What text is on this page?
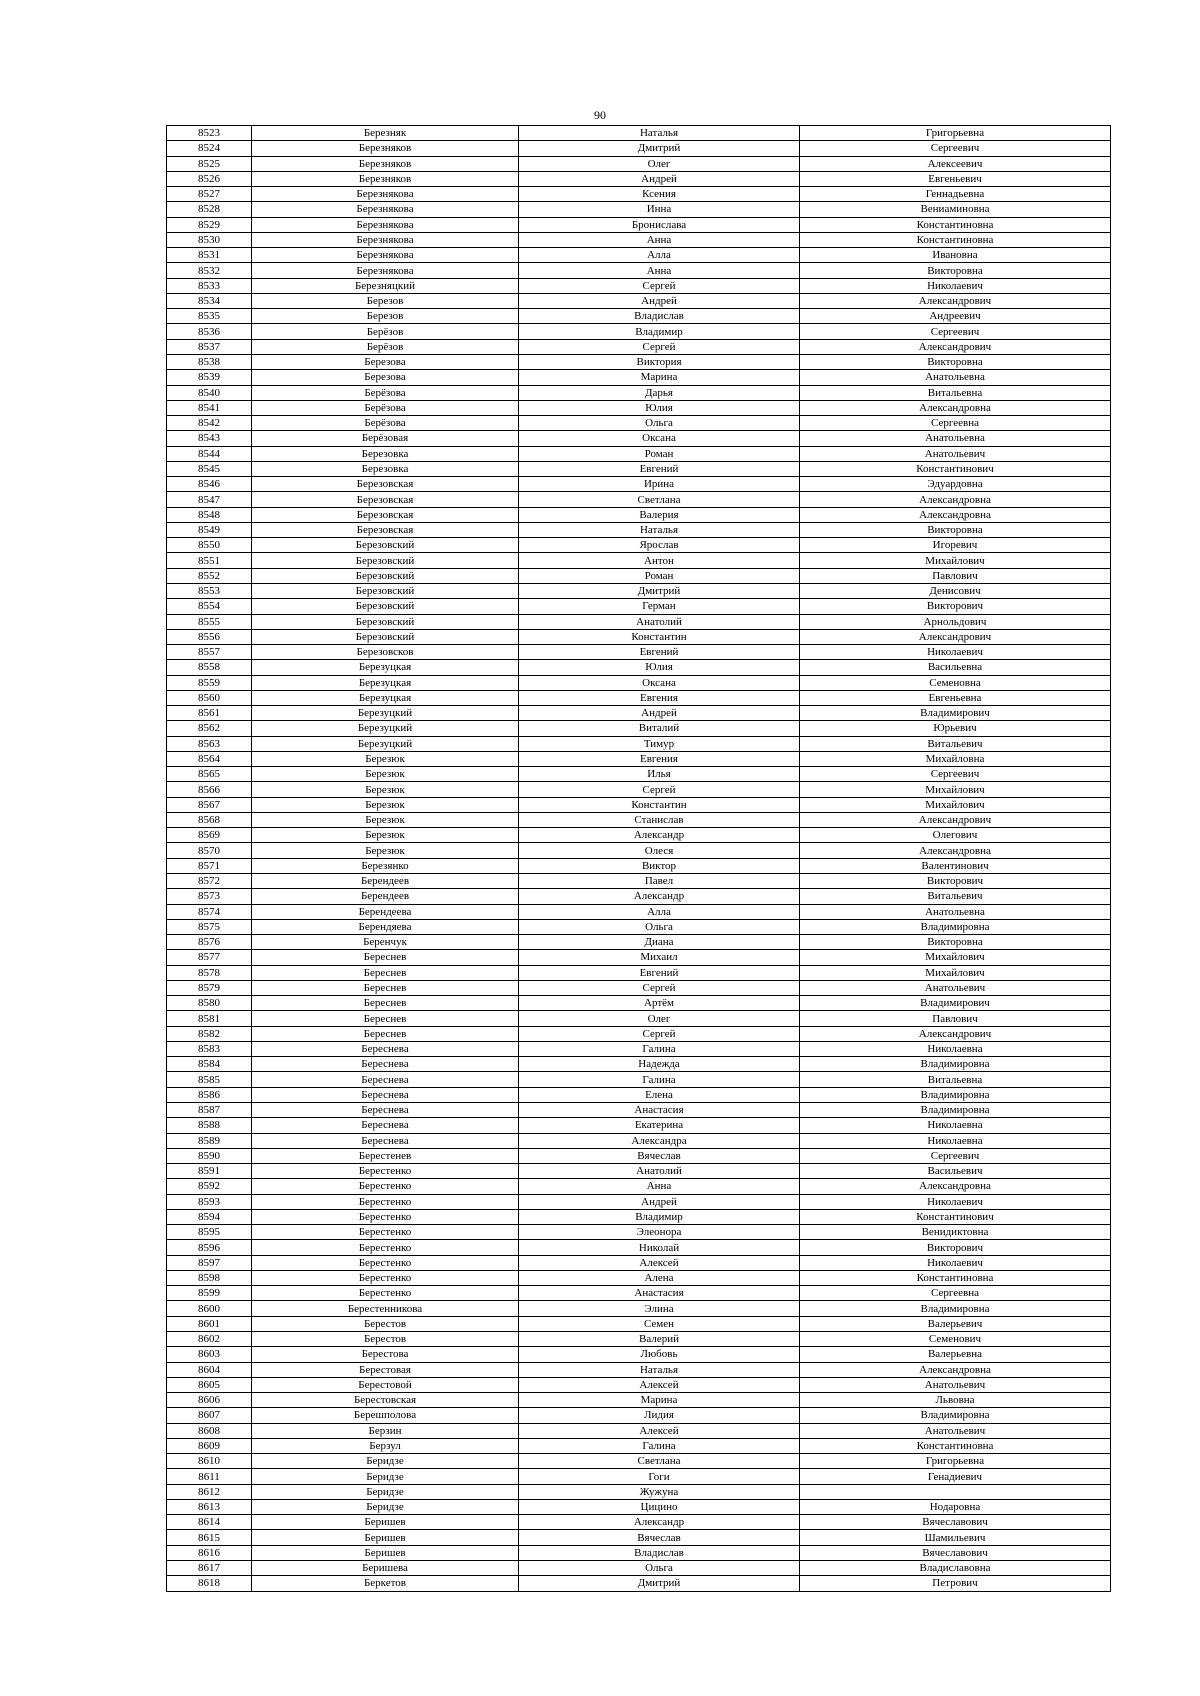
90
8523	Березняк	Наталья	Григорьевна
8524	Березняков	Дмитрий	Сергеевич
8525	Березняков	Олег	Алексеевич
8526	Березняков	Андрей	Евгеньевич
8527	Березнякова	Ксения	Геннадьевна
8528	Березнякова	Инна	Вениаминовна
8529	Березнякова	Бронислава	Константиновна
8530	Березнякова	Анна	Константиновна
8531	Березнякова	Алла	Ивановна
8532	Березнякова	Анна	Викторовна
8533	Березняцкий	Сергей	Николаевич
8534	Березов	Андрей	Александрович
8535	Березов	Владислав	Андреевич
8536	Берёзов	Владимир	Сергеевич
8537	Берёзов	Сергей	Александрович
8538	Березова	Виктория	Викторовна
8539	Березова	Марина	Анатольевна
8540	Берёзова	Дарья	Витальевна
8541	Берёзова	Юлия	Александровна
8542	Берёзова	Ольга	Сергеевна
8543	Берёзовая	Оксана	Анатольевна
8544	Березовка	Роман	Анатольевич
8545	Березовка	Евгений	Константинович
8546	Березовская	Ирина	Эдуардовна
8547	Березовская	Светлана	Александровна
8548	Березовская	Валерия	Александровна
8549	Березовская	Наталья	Викторовна
8550	Березовский	Ярослав	Игоревич
8551	Березовский	Антон	Михайлович
8552	Березовский	Роман	Павлович
8553	Березовский	Дмитрий	Денисович
8554	Березовский	Герман	Викторович
8555	Березовский	Анатолий	Арнольдович
8556	Березовский	Константин	Александрович
8557	Березовсков	Евгений	Николаевич
8558	Березуцкая	Юлия	Васильевна
8559	Березуцкая	Оксана	Семеновна
8560	Березуцкая	Евгения	Евгеньевна
8561	Березуцкий	Андрей	Владимирович
8562	Березуцкий	Виталий	Юрьевич
8563	Березуцкий	Тимур	Витальевич
8564	Березюк	Евгения	Михайловна
8565	Березюк	Илья	Сергеевич
8566	Березюк	Сергей	Михайлович
8567	Березюк	Константин	Михайлович
8568	Березюк	Станислав	Александрович
8569	Березюк	Александр	Олегович
8570	Березюк	Олеся	Александровна
8571	Березянко	Виктор	Валентинович
8572	Берендеев	Павел	Викторович
8573	Берендеев	Александр	Витальевич
8574	Берендеева	Алла	Анатольевна
8575	Берендяева	Ольга	Владимировна
8576	Беренчук	Диана	Викторовна
8577	Береснев	Михаил	Михайлович
8578	Береснев	Евгений	Михайлович
8579	Береснев	Сергей	Анатольевич
8580	Береснев	Артём	Владимирович
8581	Береснев	Олег	Павлович
8582	Береснев	Сергей	Александрович
8583	Береснева	Галина	Николаевна
8584	Береснева	Надежда	Владимировна
8585	Береснева	Галина	Витальевна
8586	Береснева	Елена	Владимировна
8587	Береснева	Анастасия	Владимировна
8588	Береснева	Екатерина	Николаевна
8589	Береснева	Александра	Николаевна
8590	Берестенев	Вячеслав	Сергеевич
8591	Берестенко	Анатолий	Васильевич
8592	Берестенко	Анна	Александровна
8593	Берестенко	Андрей	Николаевич
8594	Берестенко	Владимир	Константинович
8595	Берестенко	Элеонора	Венидиктовна
8596	Берестенко	Николай	Викторович
8597	Берестенко	Алексей	Николаевич
8598	Берестенко	Алена	Константиновна
8599	Берестенко	Анастасия	Сергеевна
8600	Берестенникова	Элина	Владимировна
8601	Берестов	Семен	Валерьевич
8602	Берестов	Валерий	Семенович
8603	Берестова	Любовь	Валерьевна
8604	Берестовая	Наталья	Александровна
8605	Берестовой	Алексей	Анатольевич
8606	Берестовская	Марина	Львовна
8607	Берешполова	Лидия	Владимировна
8608	Берзин	Алексей	Анатольевич
8609	Берзул	Галина	Константиновна
8610	Беридзе	Светлана	Григорьевна
8611	Беридзе	Гоги	Генадиевич
8612	Беридзе	Жужуна	
8613	Беридзе	Цицино	Нодаровна
8614	Беришев	Александр	Вячеславович
8615	Беришев	Вячеслав	Шамильевич
8616	Беришев	Владислав	Вячеславович
8617	Беришева	Ольга	Владиславовна
8618	Беркетов	Дмитрий	Петрович
